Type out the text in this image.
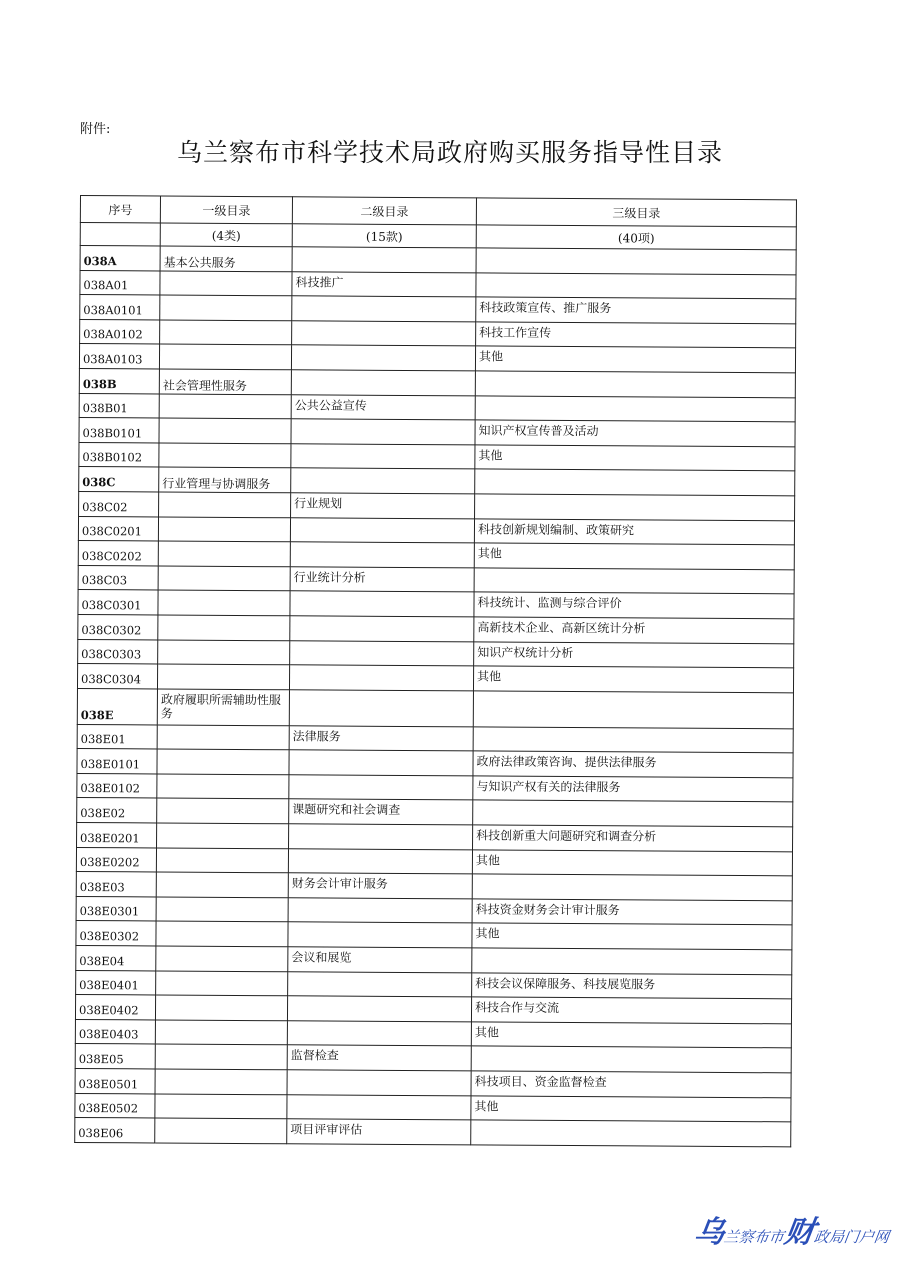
附件:
乌兰察布市科学技术局政府购买服务指导性目录
序号	一级目录	二级目录	三级目录
	(4类)	(15款)	(40项)
038A	基本公共服务		
038A01		科技推广	
038A0101			科技政策宣传、推广服务
038A0102			科技工作宣传
038A0103			其他
038B	社会管理性服务		
038B01		公共公益宣传	
038B0101			知识产权宣传普及活动
038B0102			其他
038C	行业管理与协调服务		
038C02		行业规划	
038C0201			科技创新规划编制、政策研究
038C0202			其他
038C03		行业统计分析	
038C0301			科技统计、监测与综合评价
038C0302			高新技术企业、高新区统计分析
038C0303			知识产权统计分析
038C0304			其他
038E	政府履职所需辅助性服务		
038E01		法律服务	
038E0101			政府法律政策咨询、提供法律服务
038E0102			与知识产权有关的法律服务
038E02		课题研究和社会调查	
038E0201			科技创新重大问题研究和调查分析
038E0202			其他
038E03		财务会计审计服务	
038E0301			科技资金财务会计审计服务
038E0302			其他
038E04		会议和展览	
038E0401			科技会议保障服务、科技展览服务
038E0402			科技合作与交流
038E0403			其他
038E05		监督检查	
038E0501			科技项目、资金监督检查
038E0502			其他
038E06		项目评审评估	
乌兰察布市财政局门户网
